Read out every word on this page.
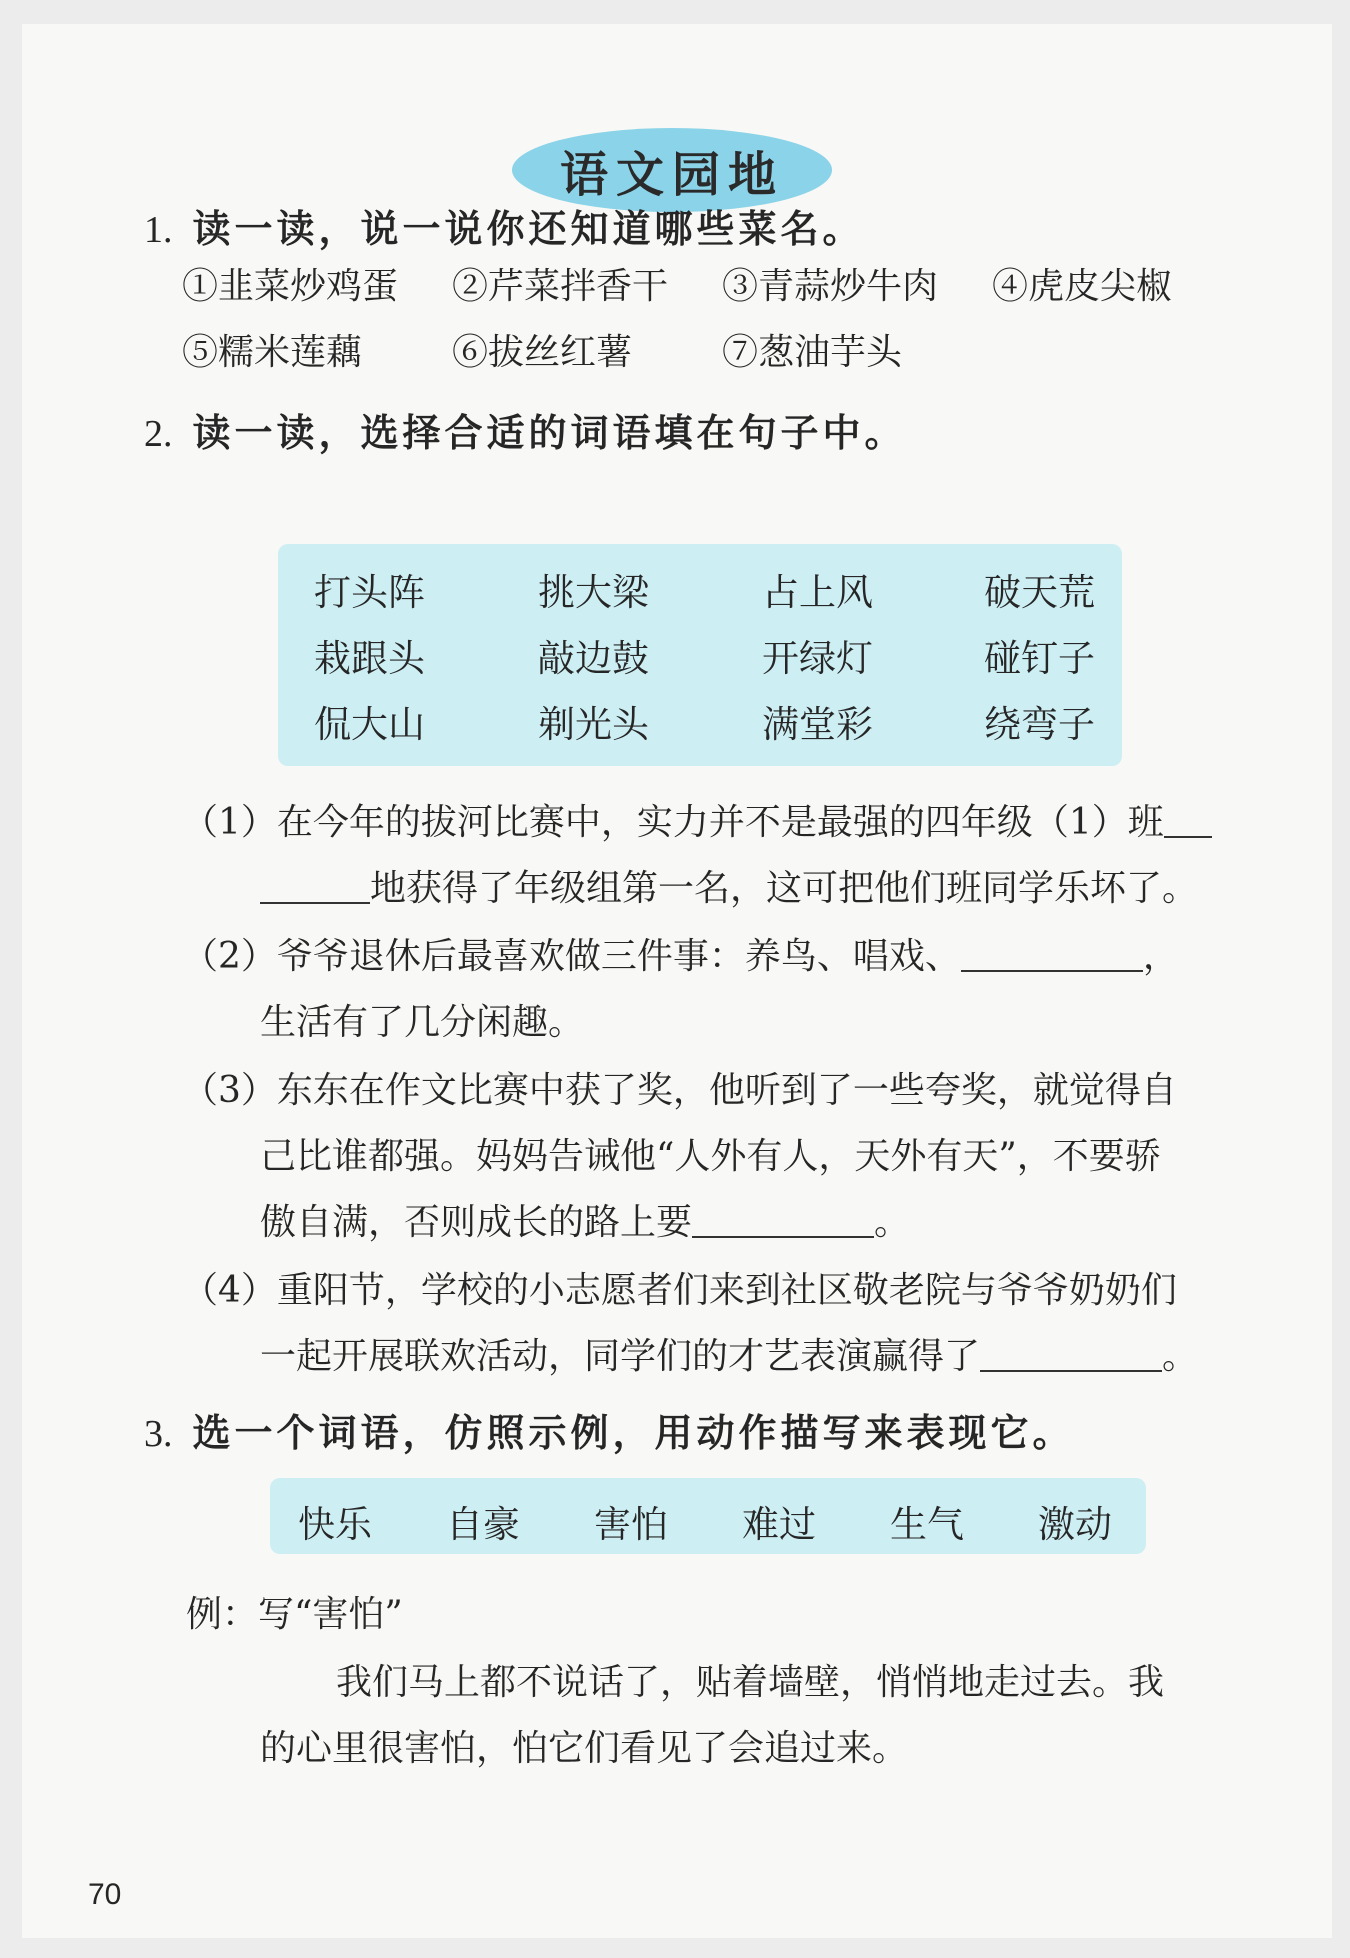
语文园地
1. 读一读，说一说你还知道哪些菜名。
①韭菜炒鸡蛋 ②芹菜拌香干 ③青蒜炒牛肉 ④虎皮尖椒
⑤糯米莲藕 ⑥拔丝红薯 ⑦葱油芋头
2. 读一读，选择合适的词语填在句子中。
打头阵	挑大梁	占上风	破天荒
栽跟头	敲边鼓	开绿灯	碰钉子
侃大山	剃光头	满堂彩	绕弯子
（1）在今年的拔河比赛中，实力并不是最强的四年级（1）班
地获得了年级组第一名，这可把他们班同学乐坏了。
（2）爷爷退休后最喜欢做三件事：养鸟、唱戏、	，
生活有了几分闲趣。
（3）东东在作文比赛中获了奖，他听到了一些夸奖，就觉得自
己比谁都强。妈妈告诫他“人外有人，天外有天”，不要骄
傲自满，否则成长的路上要	。
（4）重阳节，学校的小志愿者们来到社区敬老院与爷爷奶奶们
一起开展联欢活动，同学们的才艺表演赢得了	。
3. 选一个词语，仿照示例，用动作描写来表现它。
快乐 自豪 害怕 难过 生气 激动
例：写“害怕”
我们马上都不说话了，贴着墙壁，悄悄地走过去。我
的心里很害怕，怕它们看见了会追过来。
70
